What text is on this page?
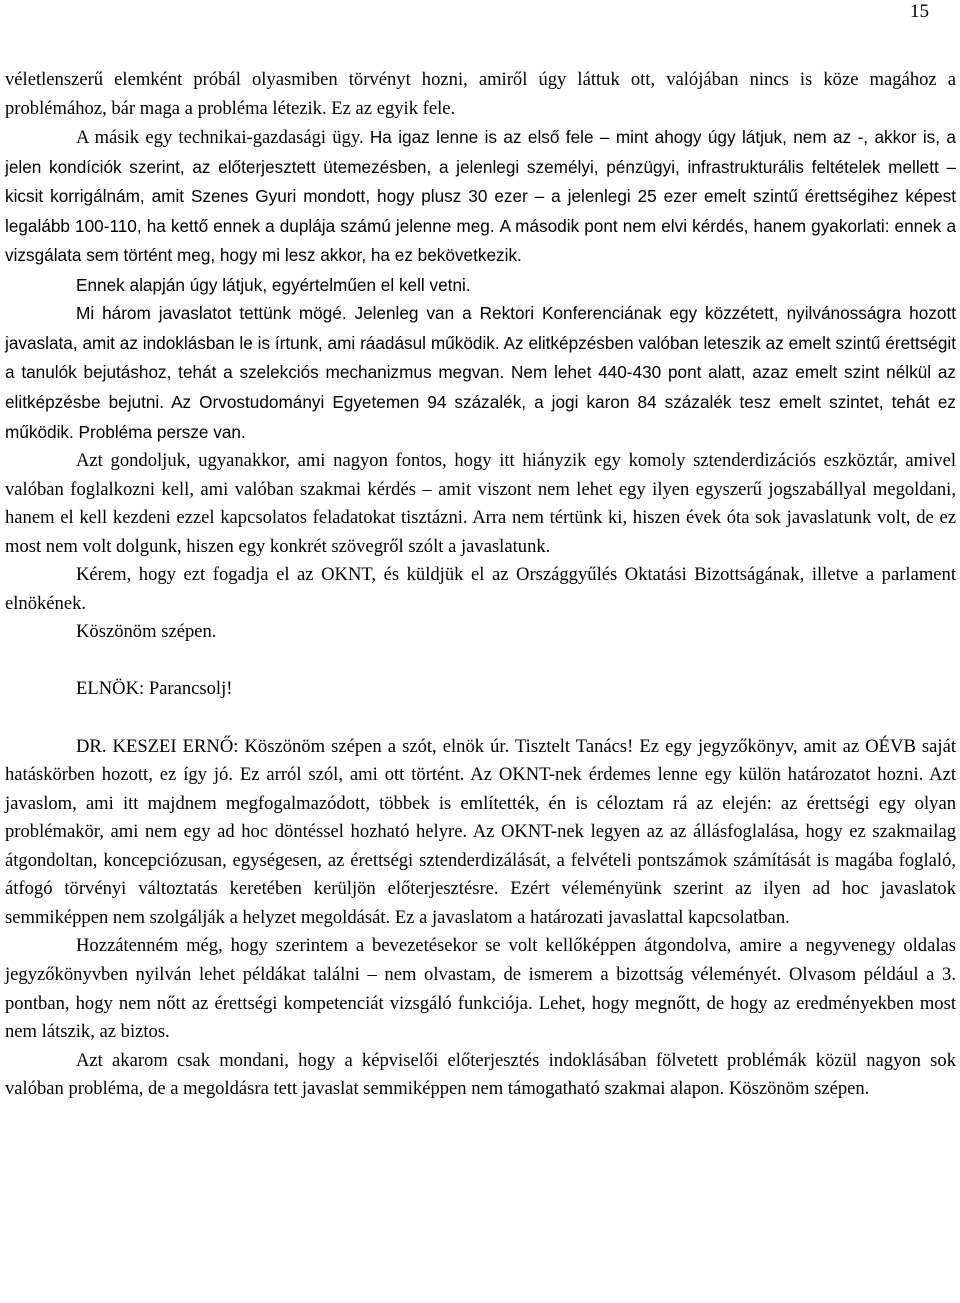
15

véletlenszerű elemként próbál olyasmiben törvényt hozni, amiről úgy láttuk ott, valójában nincs is köze magához a problémához, bár maga a probléma létezik. Ez az egyik fele.

A másik egy technikai-gazdasági ügy. Ha igaz lenne is az első fele – mint ahogy úgy látjuk, nem az -, akkor is, a jelen kondíciók szerint, az előterjesztett ütemezésben, a jelenlegi személyi, pénzügyi, infrastrukturális feltételek mellett – kicsit korrigálnám, amit Szenes Gyuri mondott, hogy plusz 30 ezer – a jelenlegi 25 ezer emelt szintű érettségihez képest legalább 100-110, ha kettő ennek a duplája számú jelenne meg. A második pont nem elvi kérdés, hanem gyakorlati: ennek a vizsgálata sem történt meg, hogy mi lesz akkor, ha ez bekövetkezik.

Ennek alapján úgy látjuk, egyértelműen el kell vetni.

Mi három javaslatot tettünk mögé. Jelenleg van a Rektori Konferenciának egy közzétett, nyilvánosságra hozott javaslata, amit az indoklásban le is írtunk, ami ráadásul működik. Az elitképzésben valóban leteszik az emelt szintű érettségit a tanulók bejutáshoz, tehát a szelekciós mechanizmus megvan. Nem lehet 440-430 pont alatt, azaz emelt szint nélkül az elitképzésbe bejutni. Az Orvostudományi Egyetemen 94 százalék, a jogi karon 84 százalék tesz emelt szintet, tehát ez működik. Probléma persze van.

Azt gondoljuk, ugyanakkor, ami nagyon fontos, hogy itt hiányzik egy komoly sztenderdizációs eszköztár, amivel valóban foglalkozni kell, ami valóban szakmai kérdés – amit viszont nem lehet egy ilyen egyszerű jogszabállyal megoldani, hanem el kell kezdeni ezzel kapcsolatos feladatokat tisztázni. Arra nem tértünk ki, hiszen évek óta sok javaslatunk volt, de ez most nem volt dolgunk, hiszen egy konkrét szövegről szólt a javaslatunk.

Kérem, hogy ezt fogadja el az OKNT, és küldjük el az Országgyűlés Oktatási Bizottságának, illetve a parlament elnökének.

Köszönöm szépen.

ELNÖK: Parancsolj!

DR. KESZEI ERNŐ: Köszönöm szépen a szót, elnök úr. Tisztelt Tanács! Ez egy jegyzőkönyv, amit az OÉVB saját hatáskörben hozott, ez így jó. Ez arról szól, ami ott történt. Az OKNT-nek érdemes lenne egy külön határozatot hozni. Azt javaslom, ami itt majdnem megfogalmazódott, többek is említették, én is céloztam rá az elején: az érettségi egy olyan problémakör, ami nem egy ad hoc döntéssel hozható helyre. Az OKNT-nek legyen az az állásfoglalása, hogy ez szakmailag átgondoltan, koncepciózusan, egységesen, az érettségi sztenderdizálását, a felvételi pontszámok számítását is magába foglaló, átfogó törvényi változtatás keretében kerüljön előterjesztésre. Ezért véleményünk szerint az ilyen ad hoc javaslatok semmiképpen nem szolgálják a helyzet megoldását. Ez a javaslatom a határozati javaslattal kapcsolatban.

Hozzátenném még, hogy szerintem a bevezetésekor se volt kellőképpen átgondolva, amire a negyvenegy oldalas jegyzőkönyvben nyilván lehet példákat találni – nem olvastam, de ismerem a bizottság véleményét. Olvasom például a 3. pontban, hogy nem nőtt az érettségi kompetenciát vizsgáló funkciója. Lehet, hogy megnőtt, de hogy az eredményekben most nem látszik, az biztos.

Azt akarom csak mondani, hogy a képviselői előterjesztés indoklásában fölvetett problémák közül nagyon sok valóban probléma, de a megoldásra tett javaslat semmiképpen nem támogatható szakmai alapon. Köszönöm szépen.
